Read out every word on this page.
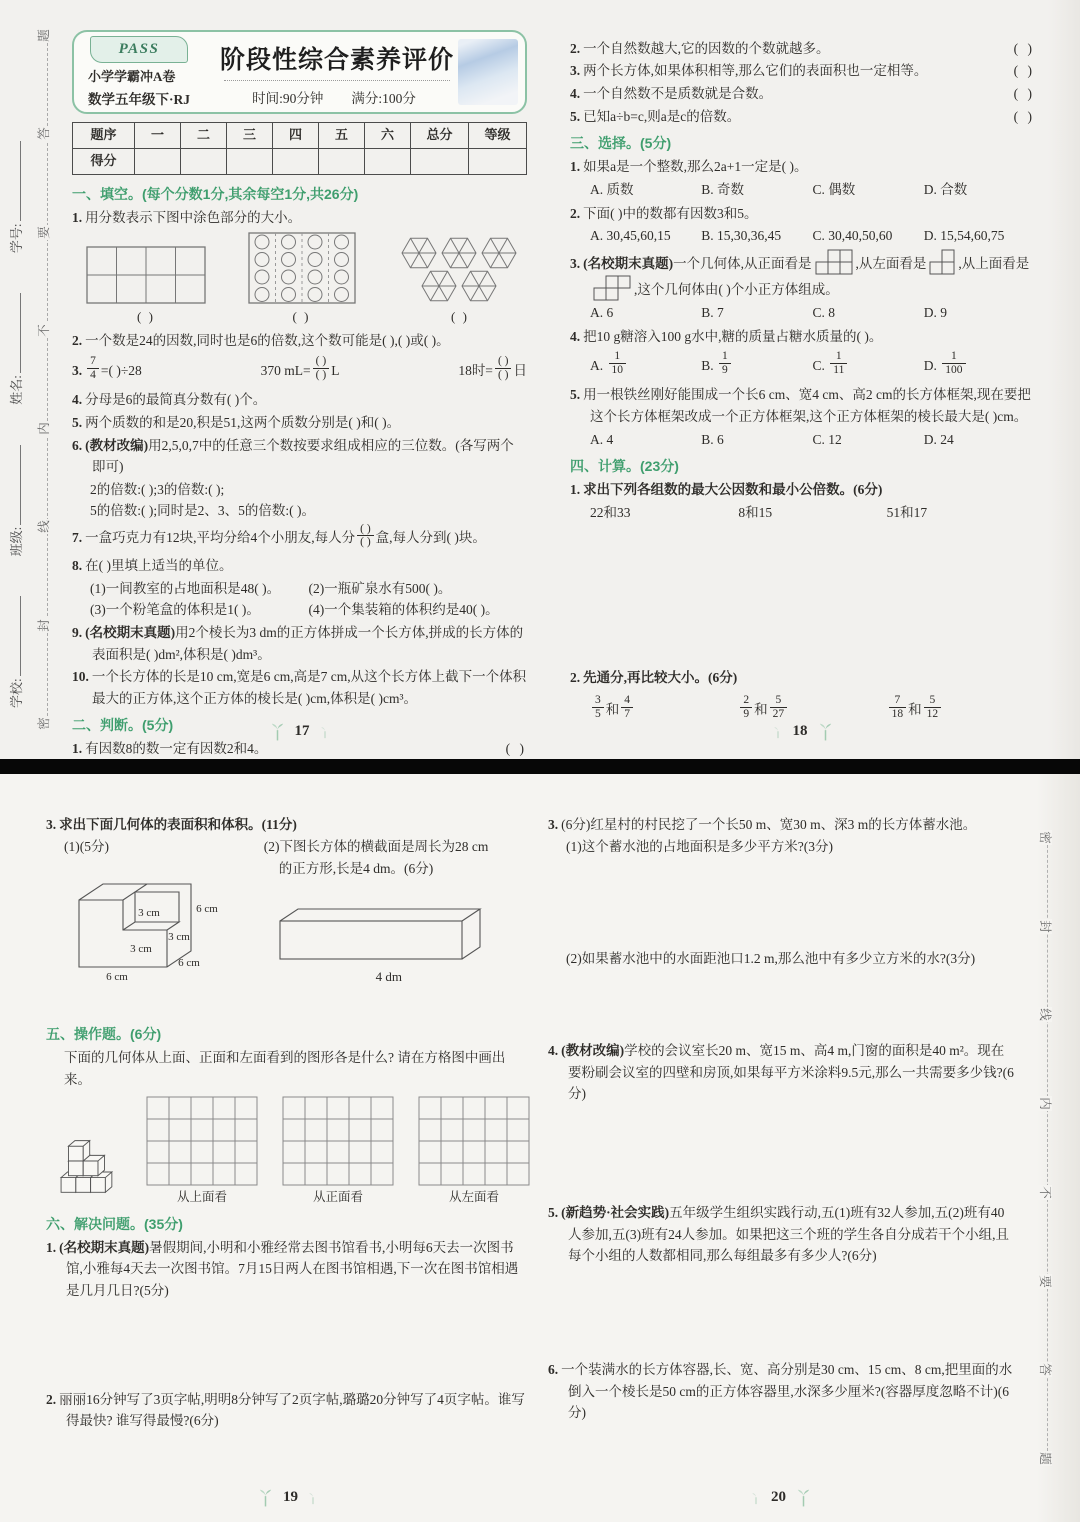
学校:
班级:
姓名:
学号:
题
答
要
不
内
线
封
密
PASS
小学学霸冲A卷
数学五年级下·RJ
阶段性综合素养评价
时间:90分钟 满分:100分
题序	一	二	三	四	五	六	总分	等级
得分								
一、填空。(每个分数1分,其余每空1分,共26分)
1. 用分数表示下图中涂色部分的大小。
( )	( )	( )
2. 一个数是24的因数,同时也是6的倍数,这个数可能是( ),( )或( )。
3. $\frac{7}{4}$ =( )÷28	370 $mL= \frac{( )}{( )}$ L	18时= $\frac{( )}{( )}$ 日
4. 分母是6的最简真分数有( )个。
5. 两个质数的和是20,积是51,这两个质数分别是( )和( )。
6. (教材改编)用2,5,0,7中的任意三个数按要求组成相应的三位数。(各写两个即可)
2的倍数:( );3的倍数:( );
5的倍数:( );同时是2、3、5的倍数:( )。
7. 一盒巧克力有12块,平均分给4个小朋友,每人分 $\frac{( )}{( )}$ 盒,每人分到( )块。
8. 在( )里填上适当的单位。
(1)一间教室的占地面积是48( )。	(2)一瓶矿泉水有500( )。
(3)一个粉笔盒的体积是1( )。	(4)一个集装箱的体积约是40( )。
9. (名校期末真题)用2个棱长为3 dm的正方体拼成一个长方体,拼成的长方体的表面积是( )dm²,体积是( )dm³。
10. 一个长方体的长是10 cm,宽是6 cm,高是7 cm,从这个长方体上截下一个体积最大的正方体,这个正方体的棱长是( )cm,体积是( )cm³。
二、判断。(5分)
1. 有因数8的数一定有因数2和4。	( )
17
2. 一个自然数越大,它的因数的个数就越多。	( )
3. 两个长方体,如果体积相等,那么它们的表面积也一定相等。	( )
4. 一个自然数不是质数就是合数。	( )
5. 已知a÷b=c,则a是c的倍数。	( )
三、选择。(5分)
1. 如果a是一个整数,那么2a+1一定是( )。
A. 质数	B. 奇数	C. 偶数	D. 合数
2. 下面( )中的数都有因数3和5。
A. 30,45,60,15	B. 15,30,36,45	C. 30,40,50,60	D. 15,54,60,75
3. (名校期末真题)一个几何体,从正面看是	,从左面看是 ,从上面看是
,这个几何体由( )个小正方体组成。
A. 6	B. 7	C. 8	D. 9
4. 把10 g糖溶入100 g水中,糖的质量占糖水质量的( )。
A.
$\frac{1}{10}$	B.
$\frac{1}{9}$	C.
$\frac{1}{11}$	D.
$\frac{1}{100}$
5. 用一根铁丝刚好能围成一个长6 cm、宽4 cm、高2 cm的长方体框架,现在要把这个长方体框架改成一个正方体框架,这个正方体框架的棱长最大是( )cm。
A. 4	B. 6	C. 12	D. 24
四、计算。(23分)
1. 求出下列各组数的最大公因数和最小公倍数。(6分)
22和33	8和15	51和17
2. 先通分,再比较大小。(6分)
$\frac{3}{5}$ 和 $\frac{4}{7}$	$\frac{2}{9}$ 和 $\frac{5}{27}$	$\frac{7}{18}$ 和 $\frac{5}{12}$
18
3. 求出下面几何体的表面积和体积。(11分)
(1)(5分)
3 cm	6 cm
3 cm
3 cm
6 cm
6 cm
(2)下图长方体的横截面是周长为28 cm
的正方形,长是4 dm。(6分)
4 dm
五、操作题。(6分)
下面的几何体从上面、正面和左面看到的图形各是什么? 请在方格图中画出来。
从上面看	从正面看	从左面看
六、解决问题。(35分)
1. (名校期末真题)暑假期间,小明和小雅经常去图书馆看书,小明每6天去一次图书馆,小雅每4天去一次图书馆。7月15日两人在图书馆相遇,下一次在图书馆相遇是几月几日?(5分)
2. 丽丽16分钟写了3页字帖,明明8分钟写了2页字帖,璐璐20分钟写了4页字帖。谁写得最快? 谁写得最慢?(6分)
19
3. (6分)红星村的村民挖了一个长50 m、宽30 m、深3 m的长方体蓄水池。
(1)这个蓄水池的占地面积是多少平方米?(3分)
(2)如果蓄水池中的水面距池口1.2 m,那么池中有多少立方米的水?(3分)
4. (教材改编)学校的会议室长20 m、宽15 m、高4 m,门窗的面积是40 m²。现在要粉刷会议室的四壁和房顶,如果每平方米涂料9.5元,那么一共需要多少钱?(6分)
5. (新趋势·社会实践)五年级学生组织实践行动,五(1)班有32人参加,五(2)班有40人参加,五(3)班有24人参加。如果把这三个班的学生各自分成若干个小组,且每个小组的人数都相同,那么每组最多有多少人?(6分)
6. 一个装满水的长方体容器,长、宽、高分别是30 cm、15 cm、8 cm,把里面的水倒入一个棱长是50 cm的正方体容器里,水深多少厘米?(容器厚度忽略不计)(6分)
20
密
封
线
内
不
要
答
题
